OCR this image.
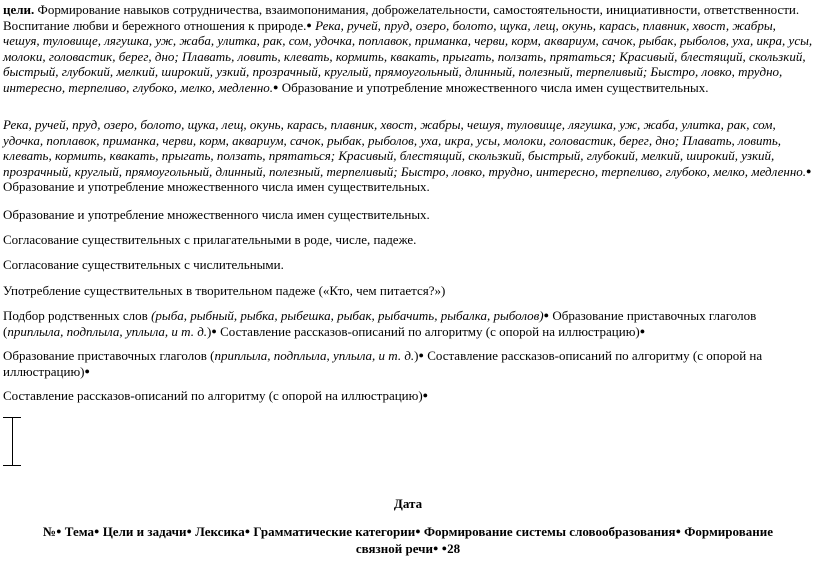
цели. Формирование навыков сотрудничества, взаимопонимания, доброжелательности, самостоятельности, инициативности, ответственности. Воспитание любви и бережного отношения к природе.● Река, ручей, пруд, озеро, болото, щука, лещ, окунь, карась, плавник, хвост, жабры, чешуя, туловище, лягушка, уж, жаба, улитка, рак, сом, удочка, поплавок, приманка, черви, корм, аквариум, сачок, рыбак, рыболов, уха, икра, усы, молоки, головастик, берег, дно; Плавать, ловить, клевать, кормить, квакать, прыгать, ползать, прятаться; Красивый, блестящий, скользкий, быстрый, глубокий, мелкий, широкий, узкий, прозрачный, круглый, прямоугольный, длинный, полезный, терпеливый; Быстро, ловко, трудно, интересно, терпеливо, глубоко, мелко, медленно.● Образование и употребление множественного числа имен существительных.

Река, ручей, пруд, озеро, болото, щука, лещ, окунь, карась, плавник, хвост, жабры, чешуя, туловище, лягушка, уж, жаба, улитка, рак, сом, удочка, поплавок, приманка, черви, корм, аквариум, сачок, рыбак, рыболов, уха, икра, усы, молоки, головастик, берег, дно; Плавать, ловить, клевать, кормить, квакать, прыгать, ползать, прятаться; Красивый, блестящий, скользкий, быстрый, глубокий, мелкий, широкий, узкий, прозрачный, круглый, прямоугольный, длинный, полезный, терпеливый; Быстро, ловко, трудно, интересно, терпеливо, глубоко, мелко, медленно.● Образование и употребление множественного числа имен существительных.

Образование и употребление множественного числа имен существительных.

Согласование существительных с прилагательными в роде, числе, падеже.

Согласование существительных с числительными.

Употребление существительных в творительном падеже («Кто, чем питается?»)

Подбор родственных слов (рыба, рыбный, рыбка, рыбешка, рыбак, рыбачить, рыбалка, рыболов)● Образование приставочных глаголов (приплыла, подплыла, уплыла, и т. д.)● Составление рассказов-описаний по алгоритму (с опорой на иллюстрацию)●

Образование приставочных глаголов (приплыла, подплыла, уплыла, и т. д.)● Составление рассказов-описаний по алгоритму (с опорой на иллюстрацию)●

Составление рассказов-описаний по алгоритму (с опорой на иллюстрацию)●

Дата
№● Тема● Цели и задачи● Лексика● Грамматические категории● Формирование системы словообразования● Формирование связной речи● ●28
